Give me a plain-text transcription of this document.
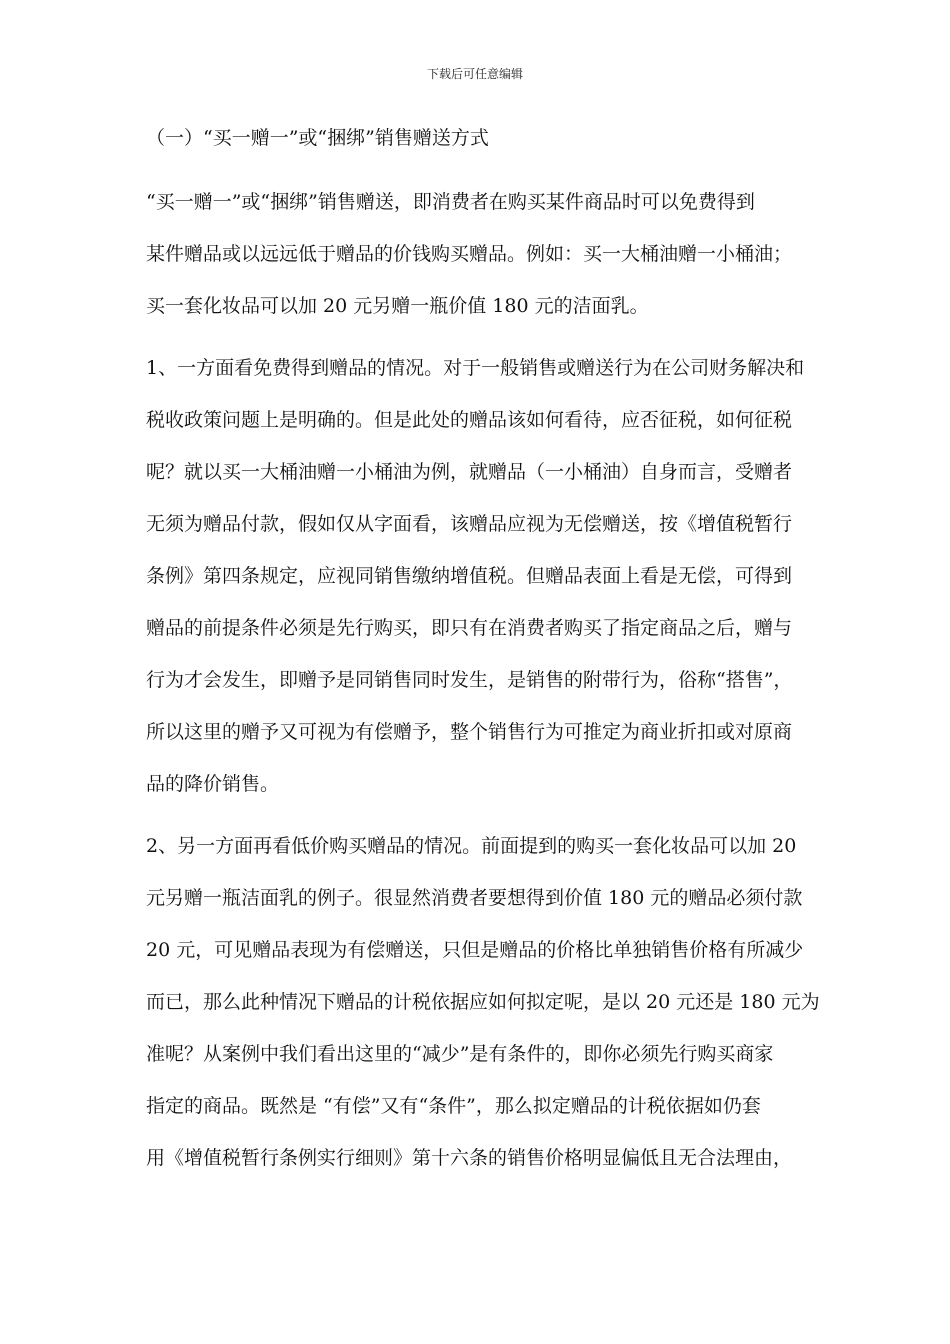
下载后可任意编辑
（一）“买一赠一”或“捆绑”销售赠送方式
“买一赠一”或“捆绑”销售赠送，即消费者在购买某件商品时可以免费得到
某件赠品或以远远低于赠品的价钱购买赠品。例如：买一大桶油赠一小桶油；
买一套化妆品可以加 20 元另赠一瓶价值 180 元的洁面乳。
1、一方面看免费得到赠品的情况。对于一般销售或赠送行为在公司财务解决和
税收政策问题上是明确的。但是此处的赠品该如何看待，应否征税，如何征税
呢？就以买一大桶油赠一小桶油为例，就赠品（一小桶油）自身而言，受赠者
无须为赠品付款，假如仅从字面看，该赠品应视为无偿赠送，按《增值税暂行
条例》第四条规定，应视同销售缴纳增值税。但赠品表面上看是无偿，可得到
赠品的前提条件必须是先行购买，即只有在消费者购买了指定商品之后，赠与
行为才会发生，即赠予是同销售同时发生，是销售的附带行为，俗称“搭售”，
所以这里的赠予又可视为有偿赠予，整个销售行为可推定为商业折扣或对原商
品的降价销售。
2、另一方面再看低价购买赠品的情况。前面提到的购买一套化妆品可以加 20
元另赠一瓶洁面乳的例子。很显然消费者要想得到价值 180 元的赠品必须付款
20 元，可见赠品表现为有偿赠送，只但是赠品的价格比单独销售价格有所减少
而已，那么此种情况下赠品的计税依据应如何拟定呢，是以 20 元还是 180 元为
准呢？从案例中我们看出这里的“减少”是有条件的，即你必须先行购买商家
指定的商品。既然是 “有偿”又有“条件”，那么拟定赠品的计税依据如仍套
用《增值税暂行条例实行细则》第十六条的销售价格明显偏低且无合法理由，
